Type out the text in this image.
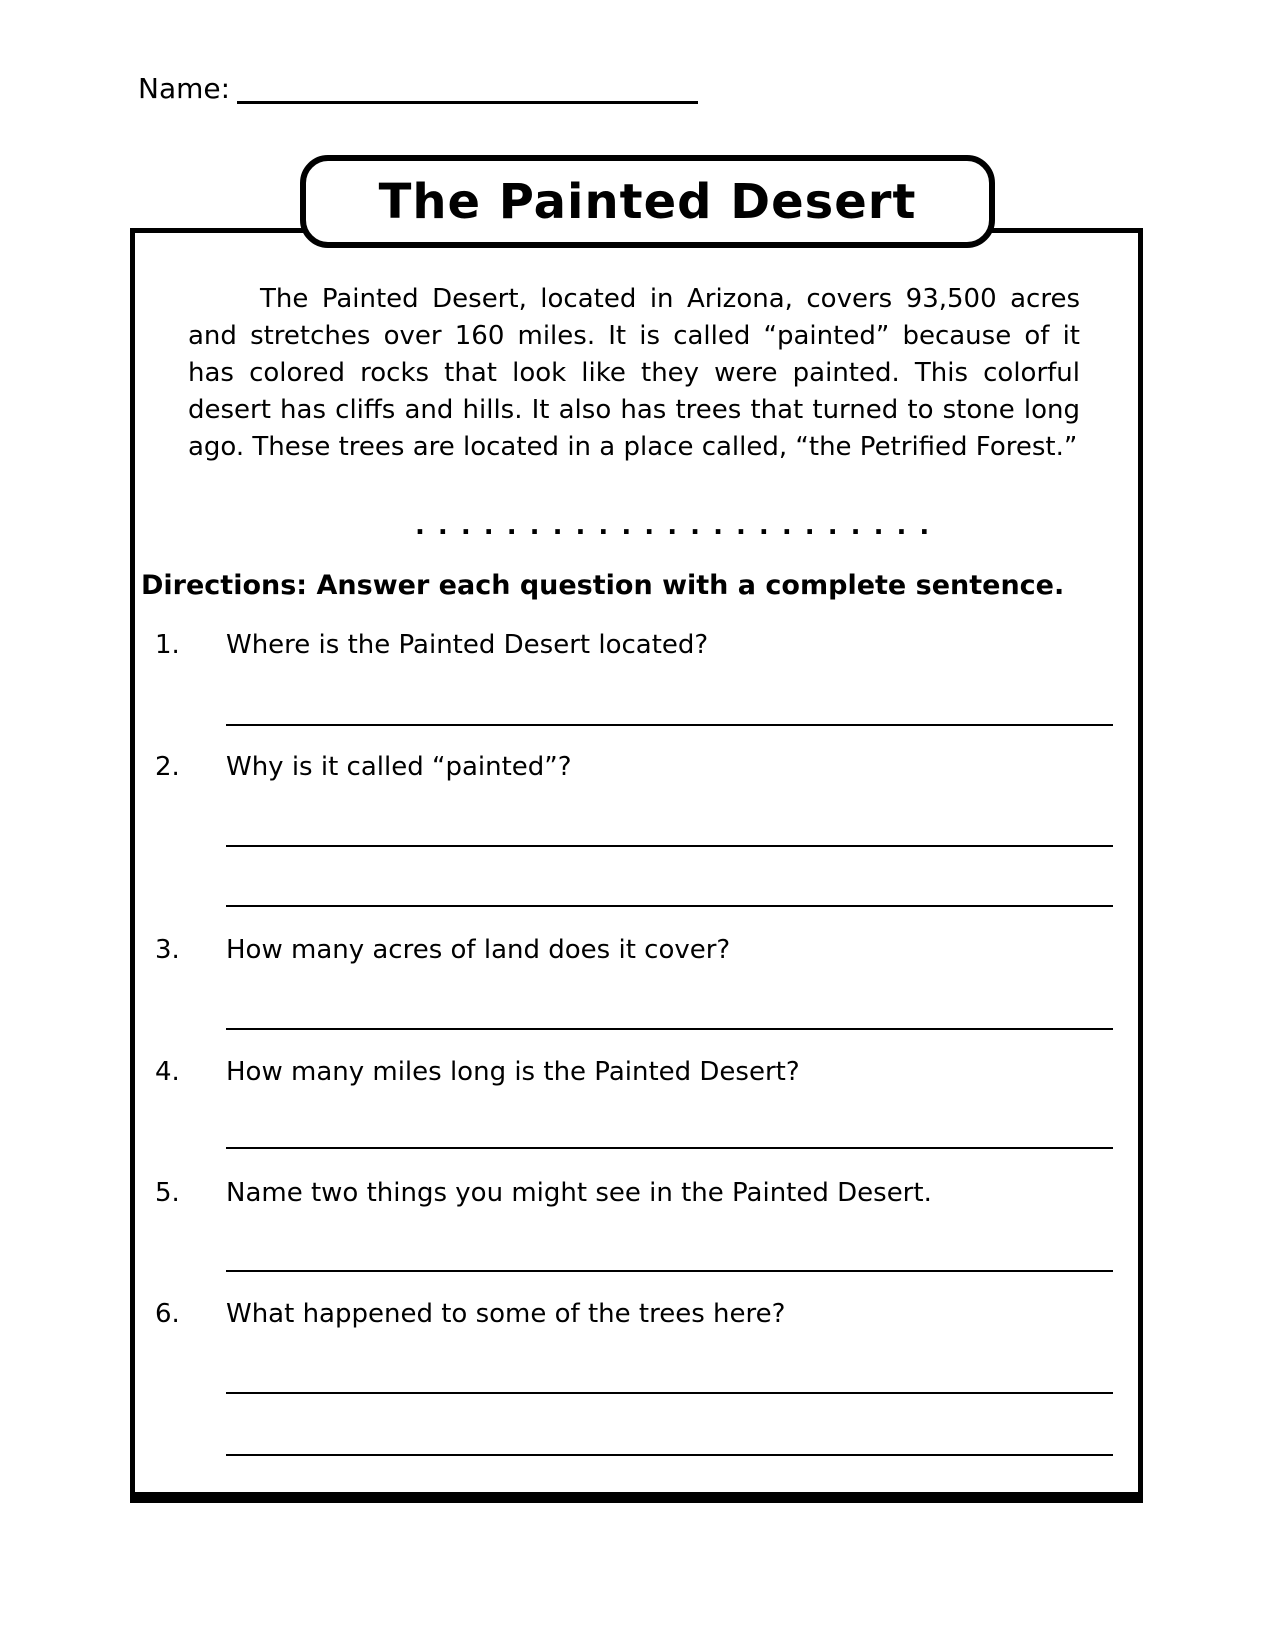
Name:
The Painted Desert
The Painted Desert, located in Arizona, covers 93,500 acres and stretches over 160 miles. It is called “painted” because of it has colored rocks that look like they were painted. This colorful desert has cliffs and hills. It also has trees that turned to stone long ago. These trees are located in a place called, “the Petrified Forest.”
. . . . . . . . . . . . . . . . . . . . . . .
Directions: Answer each question with a complete sentence.
1. Where is the Painted Desert located?
2. Why is it called “painted”?
3. How many acres of land does it cover?
4. How many miles long is the Painted Desert?
5. Name two things you might see in the Painted Desert.
6. What happened to some of the trees here?
